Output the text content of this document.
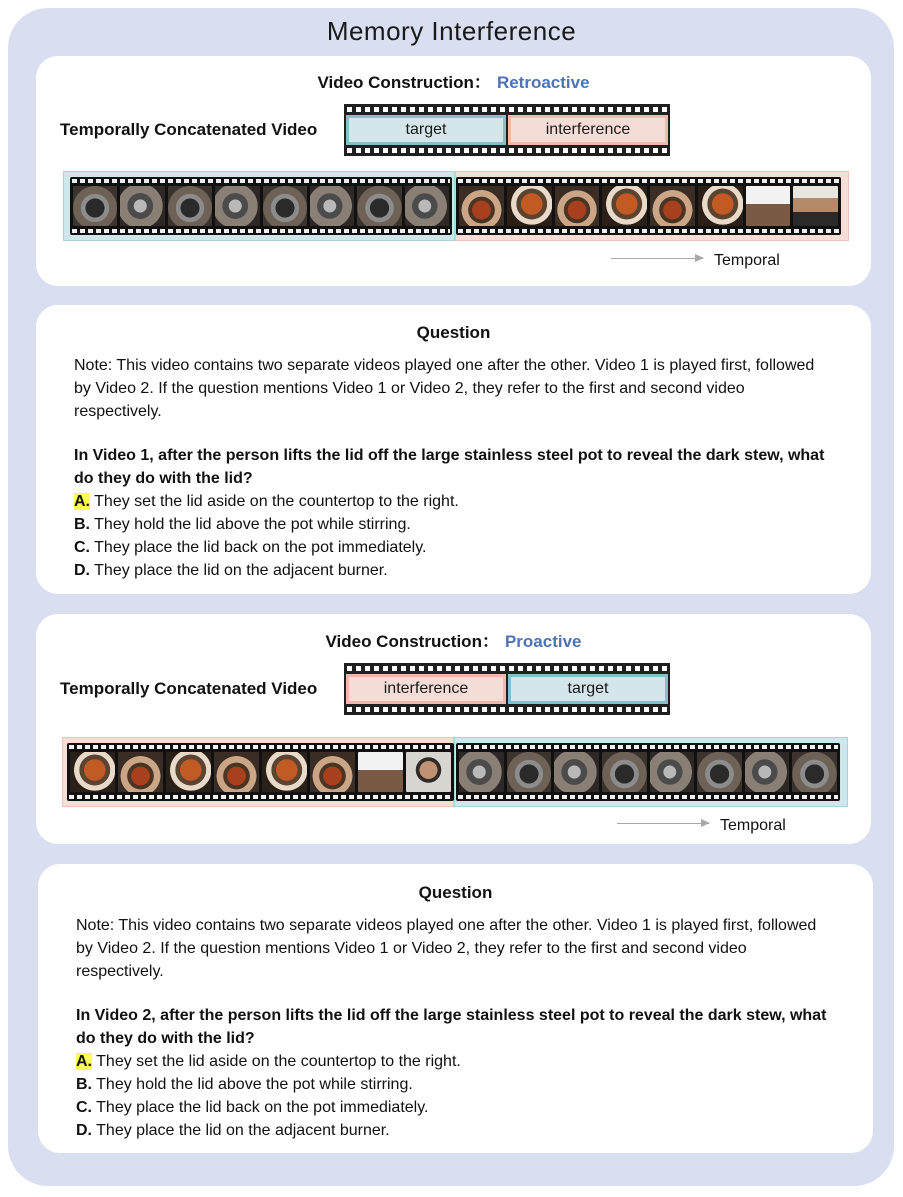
Memory Interference
Video Construction： Retroactive
Temporally Concatenated Video	target	interference
Temporal
Question

Note: This video contains two separate videos played one after the other. Video 1 is played first, followed by Video 2. If the question mentions Video 1 or Video 2, they refer to the first and second video respectively.

In Video 1, after the person lifts the lid off the large stainless steel pot to reveal the dark stew, what do they do with the lid?

A. They set the lid aside on the countertop to the right.

B. They hold the lid above the pot while stirring.

C. They place the lid back on the pot immediately.

D. They place the lid on the adjacent burner.

Video Construction： Proactive
Temporally Concatenated Video	interference	target
Temporal
Question

Note: This video contains two separate videos played one after the other. Video 1 is played first, followed by Video 2. If the question mentions Video 1 or Video 2, they refer to the first and second video respectively.

In Video 2, after the person lifts the lid off the large stainless steel pot to reveal the dark stew, what do they do with the lid?

A. They set the lid aside on the countertop to the right.

B. They hold the lid above the pot while stirring.

C. They place the lid back on the pot immediately.

D. They place the lid on the adjacent burner.
